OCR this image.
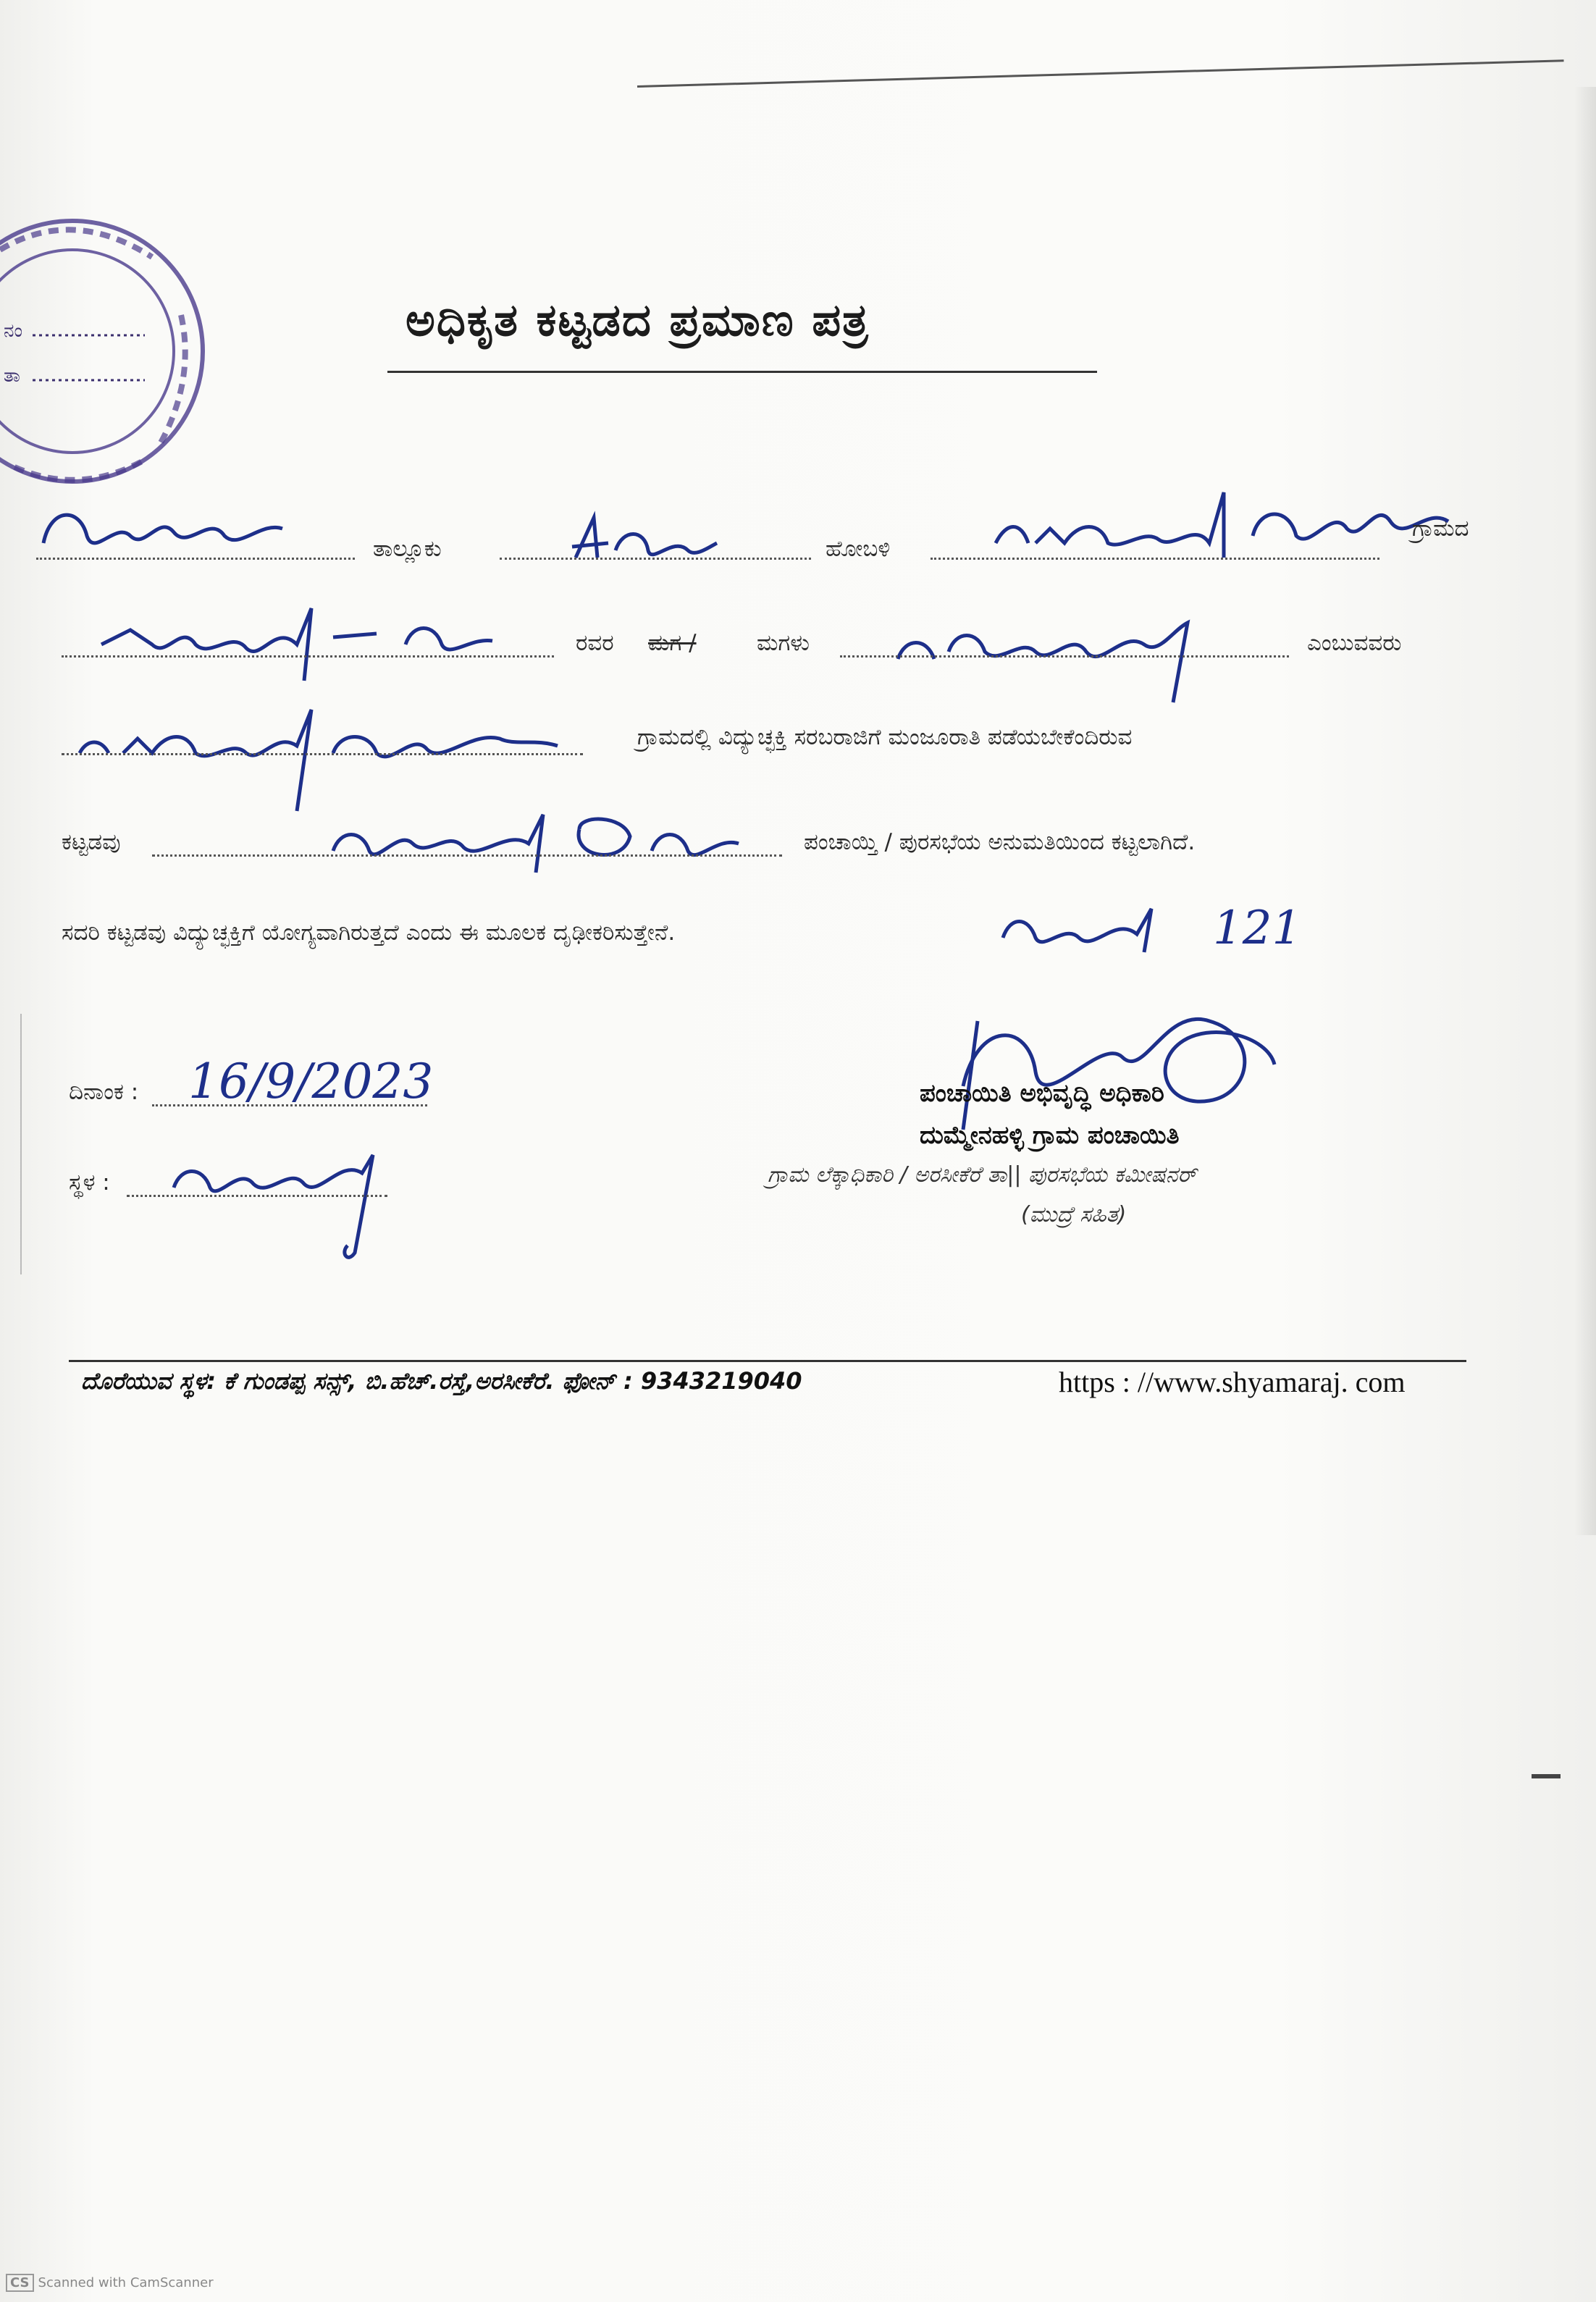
ನಂ
ತಾ
ಅಧಿಕೃತ ಕಟ್ಟಡದ ಪ್ರಮಾಣ ಪತ್ರ
ತಾಲ್ಲೂಕು	ಹೋಬಳಿ
ಗ್ರಾಮದ
ರವರ ಮಗ /	ಮಗಳು	ಎಂಬುವವರು
ಗ್ರಾಮದಲ್ಲಿ ವಿದ್ಯುಚ್ಛಕ್ತಿ ಸರಬರಾಜಿಗೆ ಮಂಜೂರಾತಿ ಪಡೆಯಬೇಕೆಂದಿರುವ
ಕಟ್ಟಡವು	ಪಂಚಾಯ್ತಿ / ಪುರಸಭೆಯ ಅನುಮತಿಯಿಂದ ಕಟ್ಟಲಾಗಿದೆ.
ಸದರಿ ಕಟ್ಟಡವು ವಿದ್ಯುಚ್ಛಕ್ತಿಗೆ ಯೋಗ್ಯವಾಗಿರುತ್ತದೆ ಎಂದು ಈ ಮೂಲಕ ದೃಢೀಕರಿಸುತ್ತೇನೆ.	121
ದಿನಾಂಕ : 16/9/2023
ಸ್ಥಳ :
ಪಂಚಾಯಿತಿ ಅಭಿವೃದ್ಧಿ ಅಧಿಕಾರಿ
ದುಮ್ಮೇನಹಳ್ಳಿ ಗ್ರಾಮ ಪಂಚಾಯಿತಿ
ಗ್ರಾಮ ಲೆಕ್ಕಾಧಿಕಾರಿ / ಅರಸೀಕೆರೆ ತಾ|| ಪುರಸಭೆಯ ಕಮೀಷನರ್
(ಮುದ್ರೆ ಸಹಿತ)
ದೊರೆಯುವ ಸ್ಥಳ: ಕೆ ಗುಂಡಪ್ಪ ಸನ್ಸ್, ಬಿ.ಹೆಚ್.ರಸ್ತೆ,ಅರಸೀಕೆರೆ. ಫೋನ್ : 9343219040	https : //www.shyamaraj. com
CS Scanned with CamScanner
